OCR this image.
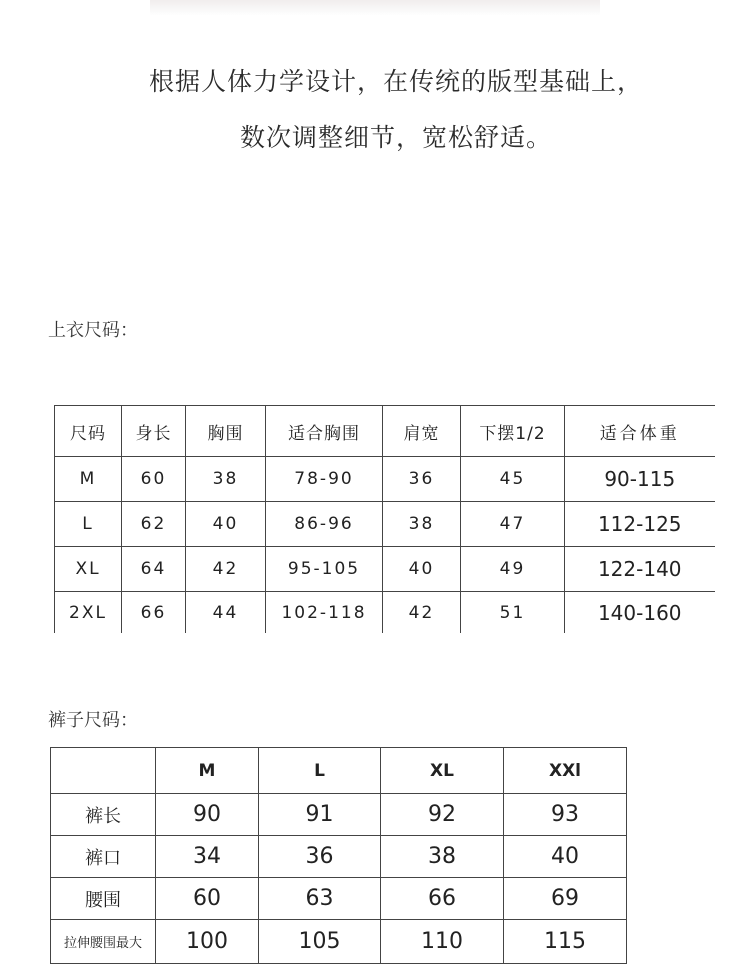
根据人体力学设计，在传统的版型基础上，
数次调整细节，宽松舒适。
上衣尺码：
尺码	身长	胸围	适合胸围	肩宽	下摆1/2	适合体重
M	60	38	78-90	36	45	90-115
L	62	40	86-96	38	47	112-125
XL	64	42	95-105	40	49	122-140
2XL	66	44	102-118	42	51	140-160
裤子尺码：
	M	L	XL	XXl
裤长	90	91	92	93
裤口	34	36	38	40
腰围	60	63	66	69
拉伸腰围最大	100	105	110	115
